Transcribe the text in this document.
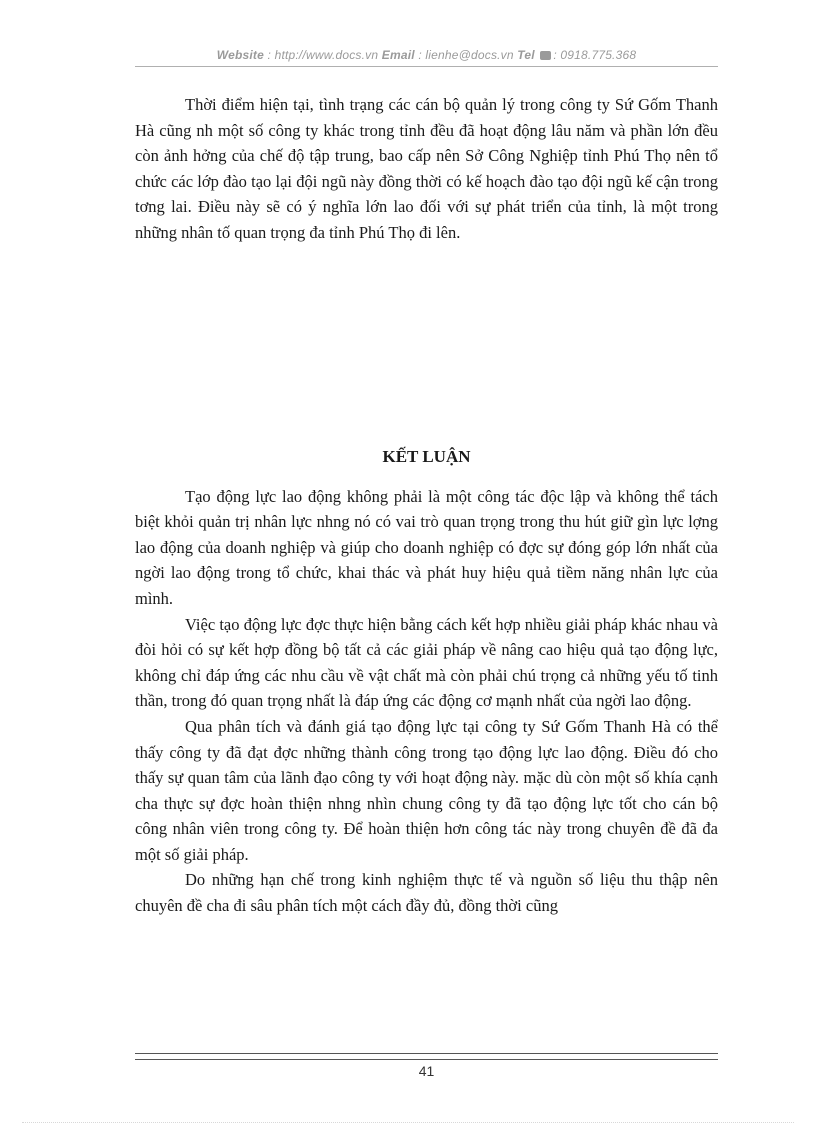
Website : http://www.docs.vn Email : lienhe@docs.vn Tel : 0918.775.368

Thời điểm hiện tại, tình trạng các cán bộ quản lý trong công ty Sứ Gốm Thanh Hà cũng nh một số công ty khác trong tỉnh đều đã hoạt động lâu năm và phần lớn đều còn ảnh hởng của chế độ tập trung, bao cấp nên Sở Công Nghiệp tỉnh Phú Thọ nên tổ chức các lớp đào tạo lại đội ngũ này đồng thời có kế hoạch đào tạo đội ngũ kế cận trong tơng lai. Điều này sẽ có ý nghĩa lớn lao đối với sự phát triển của tỉnh, là một trong những nhân tố quan trọng đa tỉnh Phú Thọ đi lên.

KẾT LUẬN

Tạo động lực lao động không phải là một công tác độc lập và không thể tách biệt khỏi quản trị nhân lực nhng nó có vai trò quan trọng trong thu hút giữ gìn lực lợng lao động của doanh nghiệp và giúp cho doanh nghiệp có đợc sự đóng góp lớn nhất của ngời lao động trong tổ chức, khai thác và phát huy hiệu quả tiềm năng nhân lực của mình.

Việc tạo động lực đợc thực hiện bằng cách kết hợp nhiều giải pháp khác nhau và đòi hỏi có sự kết hợp đồng bộ tất cả các giải pháp về nâng cao hiệu quả tạo động lực, không chỉ đáp ứng các nhu cầu về vật chất mà còn phải chú trọng cả những yếu tố tinh thần, trong đó quan trọng nhất là đáp ứng các động cơ mạnh nhất của ngời lao động.

Qua phân tích và đánh giá tạo động lực tại công ty Sứ Gốm Thanh Hà có thể thấy công ty đã đạt đợc những thành công trong tạo động lực lao động. Điều đó cho thấy sự quan tâm của lãnh đạo công ty với hoạt động này. mặc dù còn một số khía cạnh cha thực sự đợc hoàn thiện nhng nhìn chung công ty đã tạo động lực tốt cho cán bộ công nhân viên trong công ty. Để hoàn thiện hơn công tác này trong chuyên đề đã đa một số giải pháp.

Do những hạn chế trong kinh nghiệm thực tế và nguồn số liệu thu thập nên chuyên đề cha đi sâu phân tích một cách đầy đủ, đồng thời cũng

41
